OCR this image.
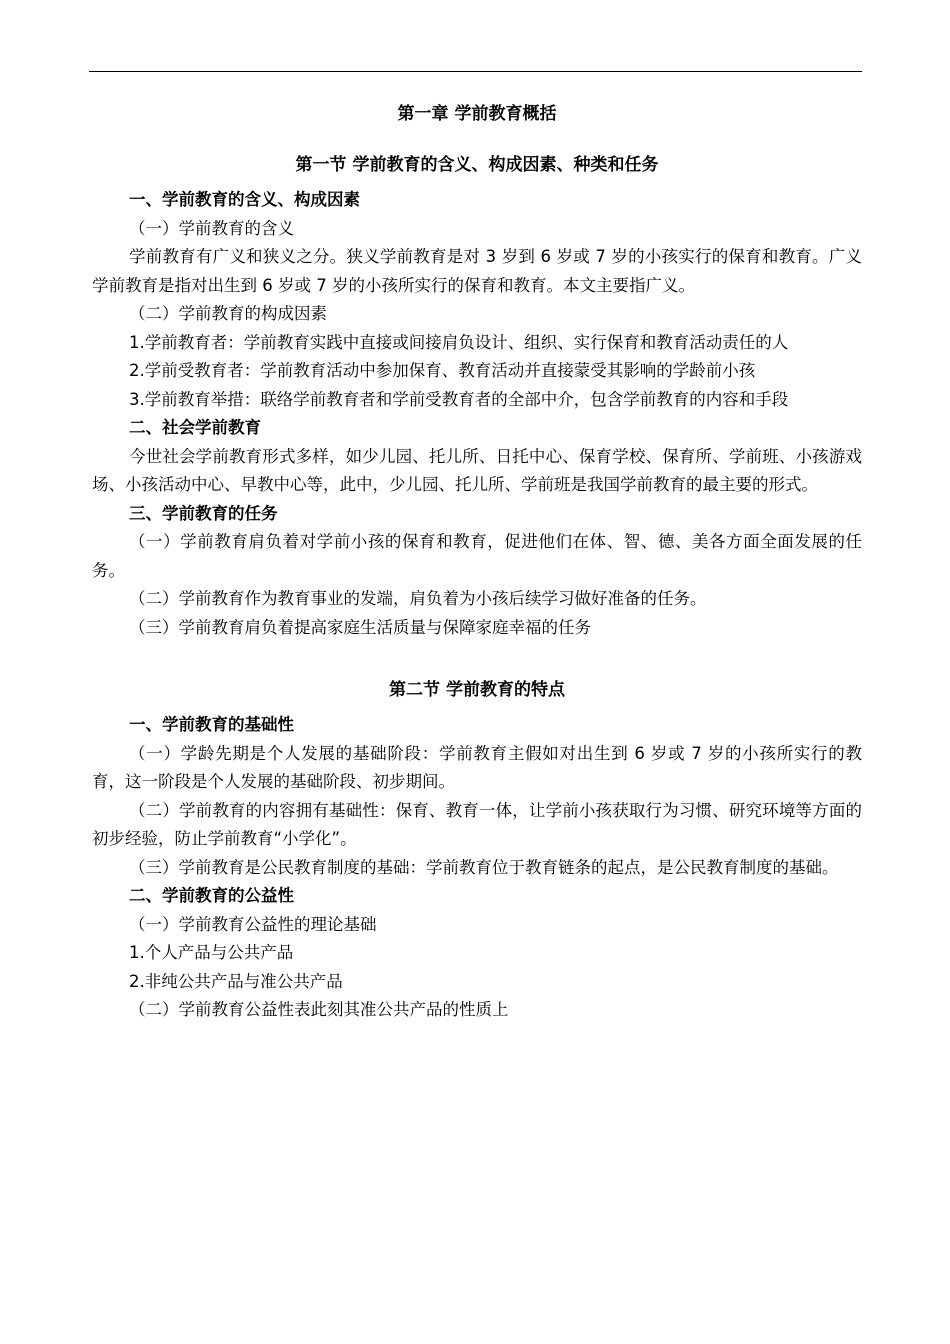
第一章 学前教育概括

第一节 学前教育的含义、构成因素、种类和任务

一、学前教育的含义、构成因素

（一）学前教育的含义

学前教育有广义和狭义之分。狭义学前教育是对 3 岁到 6 岁或 7 岁的小孩实行的保育和教育。广义学前教育是指对出生到 6 岁或 7 岁的小孩所实行的保育和教育。本文主要指广义。

（二）学前教育的构成因素

1.学前教育者：学前教育实践中直接或间接肩负设计、组织、实行保育和教育活动责任的人

2.学前受教育者：学前教育活动中参加保育、教育活动并直接蒙受其影响的学龄前小孩

3.学前教育举措：联络学前教育者和学前受教育者的全部中介，包含学前教育的内容和手段

二、社会学前教育

今世社会学前教育形式多样，如少儿园、托儿所、日托中心、保育学校、保育所、学前班、小孩游戏场、小孩活动中心、早教中心等，此中，少儿园、托儿所、学前班是我国学前教育的最主要的形式。

三、学前教育的任务

（一）学前教育肩负着对学前小孩的保育和教育，促进他们在体、智、德、美各方面全面发展的任务。

（二）学前教育作为教育事业的发端，肩负着为小孩后续学习做好准备的任务。

（三）学前教育肩负着提高家庭生活质量与保障家庭幸福的任务

第二节 学前教育的特点

一、学前教育的基础性

（一）学龄先期是个人发展的基础阶段：学前教育主假如对出生到 6 岁或 7 岁的小孩所实行的教育，这一阶段是个人发展的基础阶段、初步期间。

（二）学前教育的内容拥有基础性：保育、教育一体，让学前小孩获取行为习惯、研究环境等方面的初步经验，防止学前教育“小学化”。

（三）学前教育是公民教育制度的基础：学前教育位于教育链条的起点，是公民教育制度的基础。

二、学前教育的公益性

（一）学前教育公益性的理论基础

1.个人产品与公共产品

2.非纯公共产品与准公共产品

（二）学前教育公益性表此刻其准公共产品的性质上
